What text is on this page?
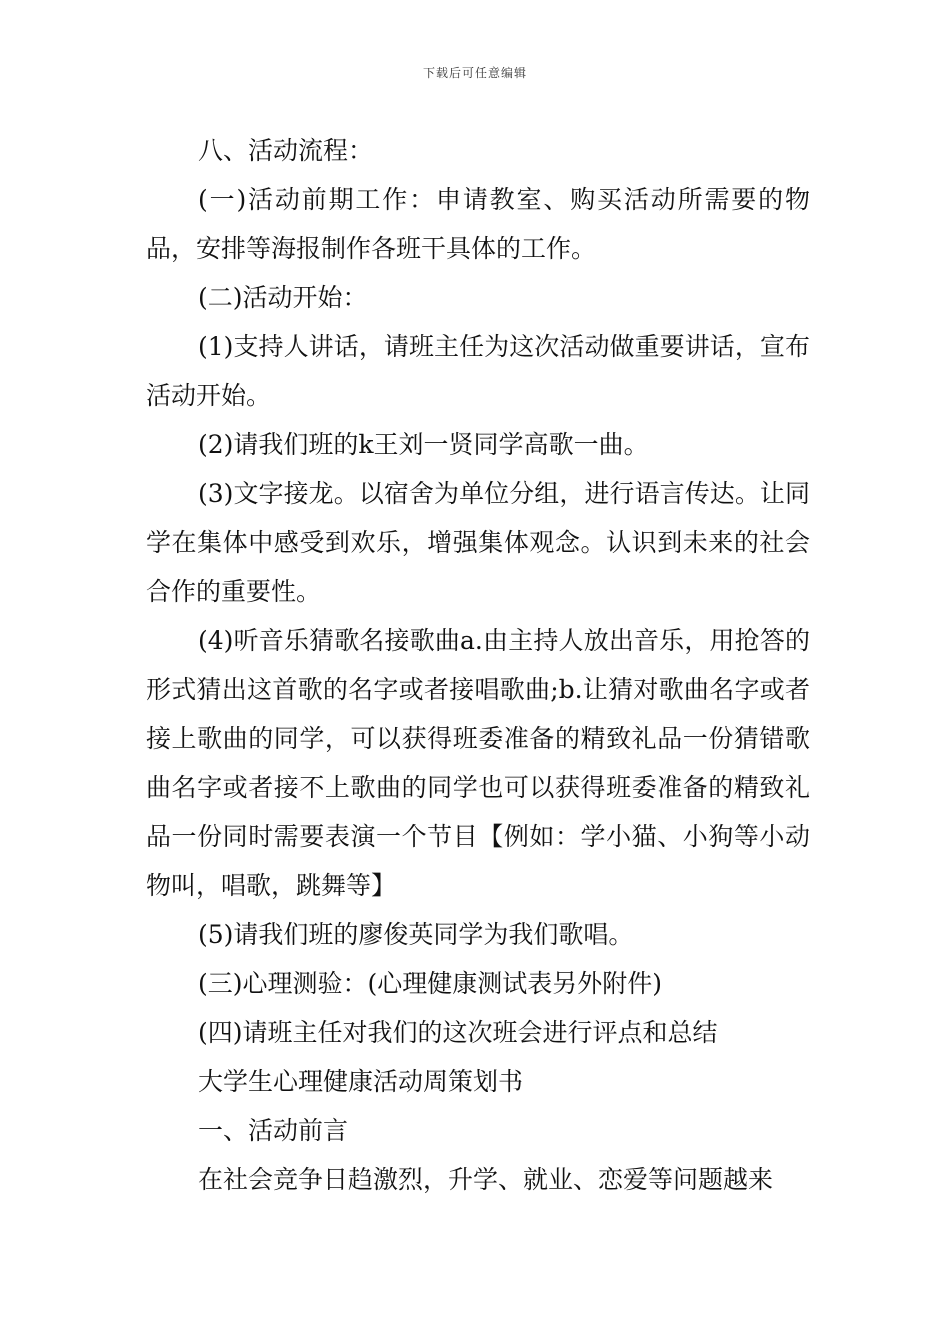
下载后可任意编辑

八、活动流程：

(一)活动前期工作：申请教室、购买活动所需要的物品，安排等海报制作各班干具体的工作。

(二)活动开始：

(1)支持人讲话，请班主任为这次活动做重要讲话，宣布活动开始。

(2)请我们班的k王刘一贤同学高歌一曲。

(3)文字接龙。以宿舍为单位分组，进行语言传达。让同学在集体中感受到欢乐，增强集体观念。认识到未来的社会合作的重要性。

(4)听音乐猜歌名接歌曲a.由主持人放出音乐，用抢答的形式猜出这首歌的名字或者接唱歌曲;b.让猜对歌曲名字或者接上歌曲的同学，可以获得班委准备的精致礼品一份猜错歌曲名字或者接不上歌曲的同学也可以获得班委准备的精致礼品一份同时需要表演一个节目【例如：学小猫、小狗等小动物叫，唱歌，跳舞等】

(5)请我们班的廖俊英同学为我们歌唱。

(三)心理测验：(心理健康测试表另外附件)

(四)请班主任对我们的这次班会进行评点和总结

大学生心理健康活动周策划书

一、活动前言

在社会竞争日趋激烈，升学、就业、恋爱等问题越来
